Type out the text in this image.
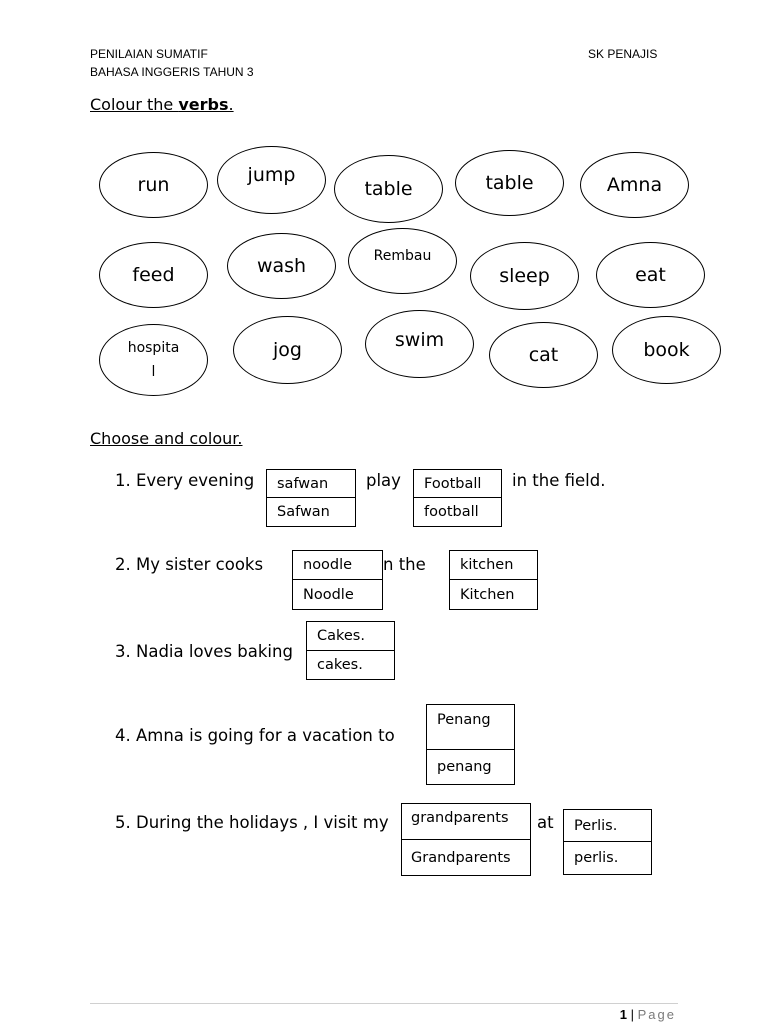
PENILAIAN SUMATIF
BAHASA INGGERIS TAHUN 3
SK PENAJIS
Colour the verbs.
run	jump
table	table	Amna
feed	wash	Rembau
sleep	eat
hospita
l
jog	swim
cat	book
Choose and colour.
1. Every evening	safwan
Safwan
play	Football
football
in the field.
2. My sister cooks	noodle
Noodle
n the	kitchen
Kitchen
3. Nadia loves baking
Cakes.
cakes.
4. Amna is going for a vacation to
Penang
penang
5. During the holidays , I visit my	grandparents
Grandparents
at	Perlis.
perlis.
1 | Page
